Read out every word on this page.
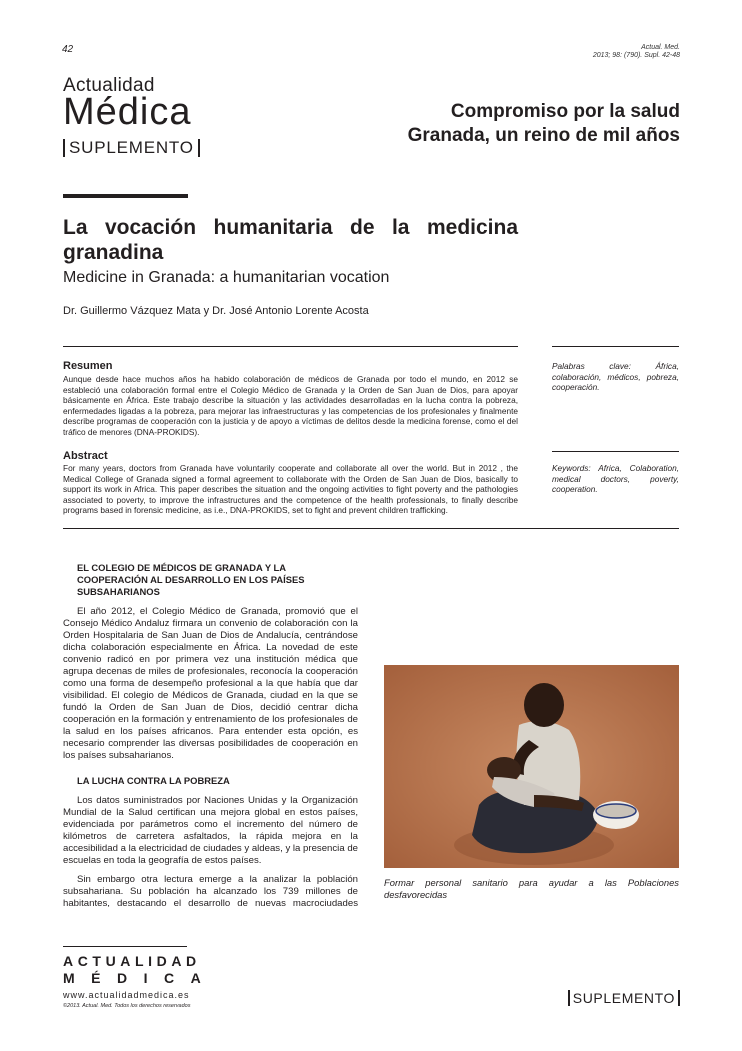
42	Actual. Med.
2013; 98: (790). Supl. 42-48
Actualidad
Médica
SUPLEMENTO
Compromiso por la salud
Granada, un reino de mil años
La vocación humanitaria de la medicina granadina
Medicine in Granada: a humanitarian vocation
Dr. Guillermo Vázquez Mata y Dr. José Antonio Lorente Acosta
Resumen
Aunque desde hace muchos años ha habido colaboración de médicos de Granada por todo el mundo, en 2012 se estableció una colaboración formal entre el Colegio Médico de Granada y la Orden de San Juan de Dios, para apoyar básicamente en África. Este trabajo describe la situación y las actividades desarrolladas en la lucha contra la pobreza, enfermedades ligadas a la pobreza, para mejorar las infraestructuras y las competencias de los profesionales y finalmente describe programas de cooperación con la justicia y de apoyo a víctimas de delitos desde la medicina forense, como el del tráfico de menores (DNA-PROKIDS).
Palabras clave: África, colaboración, médicos, pobreza, cooperación.
Abstract
For many years, doctors from Granada have voluntarily cooperate and collaborate all over the world. But in 2012 , the Medical College of Granada signed a formal agreement to collaborate with the Orden de San Juan de Dios, basically to support its work in Africa. This paper describes the situation and the ongoing activities to fight poverty and the pathologies associated to poverty, to improve the infrastructures and the competence of the health professionals, to finally describe programs based in forensic medicine, as i.e., DNA-PROKIDS, set to fight and prevent children trafficking.
Keywords: Africa, Colaboration, medical doctors, poverty, cooperation.
EL COLEGIO DE MÉDICOS DE GRANADA Y LA COOPERACIÓN AL DESARROLLO EN LOS PAÍSES SUBSAHARIANOS

El año 2012, el Colegio Médico de Granada, promovió que el Consejo Médico Andaluz firmara un convenio de colaboración con la Orden Hospitalaria de San Juan de Dios de Andalucía, centrándose dicha colaboración especialmente en África. La novedad de este convenio radicó en por primera vez una institución médica que agrupa decenas de miles de profesionales, reconocía la cooperación como una forma de desempeño profesional a la que había que dar visibilidad. El colegio de Médicos de Granada, ciudad en la que se fundó la Orden de San Juan de Dios, decidió centrar dicha cooperación en la formación y entrenamiento de los profesionales de la salud en los países africanos. Para entender esta opción, es necesario comprender las diversas posibilidades de cooperación en los países subsaharianos.

LA LUCHA CONTRA LA POBREZA

Los datos suministrados por Naciones Unidas y la Organización Mundial de la Salud certifican una mejora global en estos países, evidenciada por parámetros como el incremento del número de kilómetros de carretera asfaltados, la rápida mejora en la accesibilidad a la electricidad de ciudades y aldeas, y la presencia de escuelas en toda la geografía de estos países.

Sin embargo otra lectura emerge a la analizar la población subsahariana. Su población ha alcanzado los 739 millones de habitantes, destacando el desarrollo de nuevas macrociudades

Formar personal sanitario para ayudar a las Poblaciones desfavorecidas
ACTUALIDAD
MÉDICA
www.actualidadmedica.es
©2013. Actual. Med. Todos los derechos reservados	SUPLEMENTO
